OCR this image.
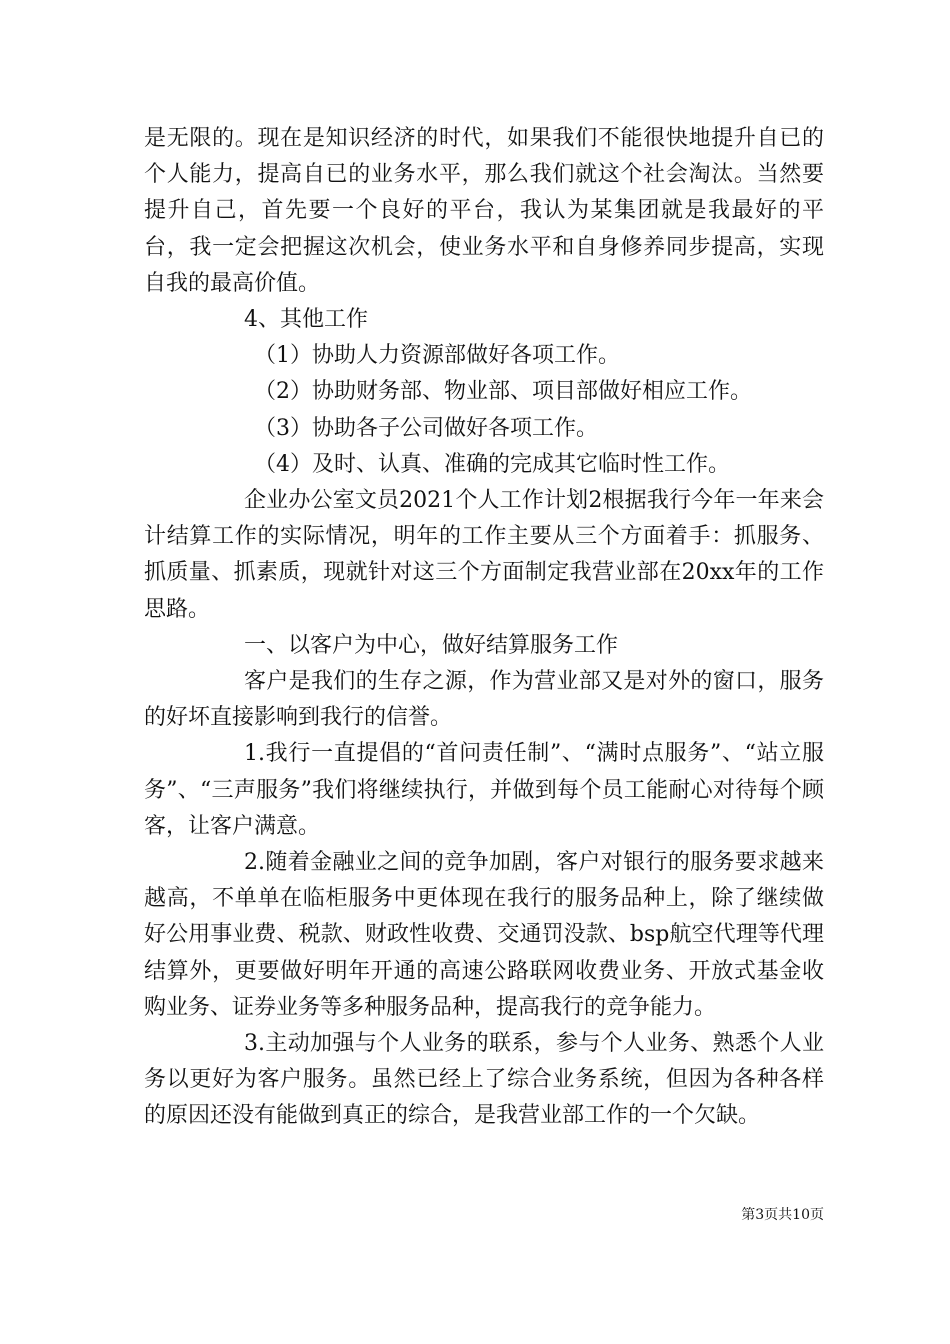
是无限的。现在是知识经济的时代，如果我们不能很快地提升自已的个人能力，提高自已的业务水平，那么我们就这个社会淘汰。当然要提升自己，首先要一个良好的平台，我认为某集团就是我最好的平台，我一定会把握这次机会，使业务水平和自身修养同步提高，实现自我的最高价值。

4、其他工作

（1）协助人力资源部做好各项工作。

（2）协助财务部、物业部、项目部做好相应工作。

（3）协助各子公司做好各项工作。

（4）及时、认真、准确的完成其它临时性工作。

企业办公室文员2021个人工作计划2根据我行今年一年来会计结算工作的实际情况，明年的工作主要从三个方面着手：抓服务、抓质量、抓素质，现就针对这三个方面制定我营业部在20xx年的工作思路。

一、以客户为中心，做好结算服务工作

客户是我们的生存之源，作为营业部又是对外的窗口，服务的好坏直接影响到我行的信誉。

1.我行一直提倡的“首问责任制”、“满时点服务”、“站立服务”、“三声服务”我们将继续执行，并做到每个员工能耐心对待每个顾客，让客户满意。

2.随着金融业之间的竞争加剧，客户对银行的服务要求越来越高，不单单在临柜服务中更体现在我行的服务品种上，除了继续做好公用事业费、税款、财政性收费、交通罚没款、bsp航空代理等代理结算外，更要做好明年开通的高速公路联网收费业务、开放式基金收购业务、证券业务等多种服务品种，提高我行的竞争能力。

3.主动加强与个人业务的联系，参与个人业务、熟悉个人业务以更好为客户服务。虽然已经上了综合业务系统，但因为各种各样的原因还没有能做到真正的综合，是我营业部工作的一个欠缺。

第3页共10页
